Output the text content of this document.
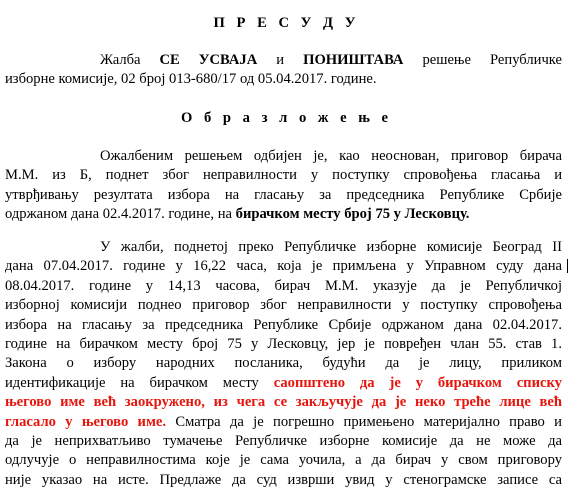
П Р Е С У Д У
Жалба СЕ УСВАЈА и ПОНИШТАВА решење Републичке
изборне комисије, 02 број 013-680/17 од 05.04.2017. године.
О б р а з л о ж е њ е
Ожалбеним решењем одбијен је, као неоснован, приговор бирача
М.М. из Б, поднет због неправилности у поступку спровођења гласања и
утврђивању резултата избора на гласању за председника Републике Србије
одржаном дана 02.4.2017. године, на бирачком месту број 75 у Лесковцу.
У жалби, поднетој преко Републичке изборне комисије Београд II
дана 07.04.2017. године у 16,22 часа, која је примљена у Управном суду дана
08.04.2017. године у 14,13 часова, бирач М.М. указује да је Републичкој
изборној комисији поднео приговор због неправилности у поступку спровођења
избора на гласању за председника Републике Србије одржаном дана 02.04.2017.
године на бирачком месту број 75 у Лесковцу, јер је повређен члан 55. став 1.
Закона о избору народних посланика, будући да је лицу, приликом
идентификације на бирачком месту саопштено да је у бирачком списку
његово име већ заокружено, из чега се закључује да је неко треће лице већ
гласало у његово име. Сматра да је погрешно примењено материјално право и
да је неприхватљиво тумачење Републичке изборне комисије да не може да
одлучује о неправилностима које је сама уочила, а да бирач у свом приговору
није указао на исте. Предлаже да суд изврши увид у стенограмске записе са
